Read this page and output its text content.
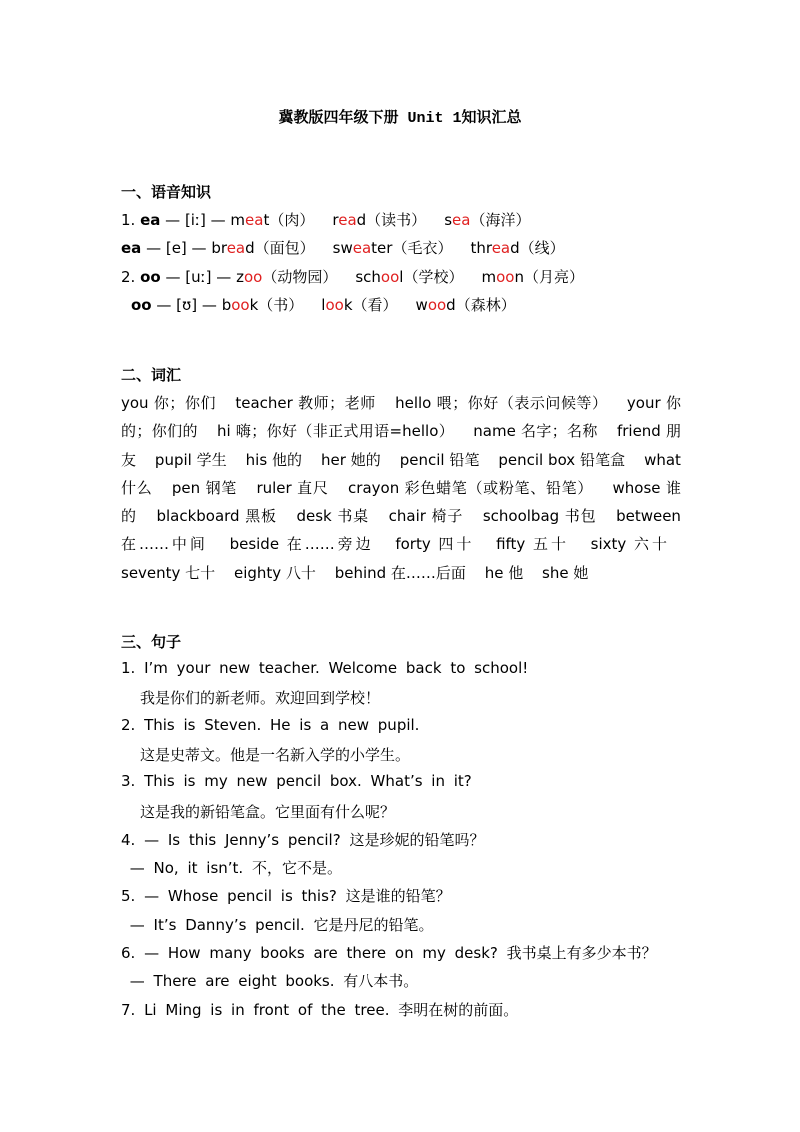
冀教版四年级下册 Unit 1知识汇总
一、语音知识
1. ea — [iː] — meat（肉） read（读书） sea（海洋）
ea — [e] — bread（面包） sweater（毛衣） thread（线）
2. oo — [uː] — zoo（动物园） school（学校） moon（月亮）
oo — [ʊ] — book（书） look（看） wood（森林）
二、词汇
you 你；你们 teacher 教师；老师 hello 喂；你好（表示问候等） your 你的；你们的 hi 嗨；你好（非正式用语=hello） name 名字；名称 friend 朋友 pupil 学生 his 他的 her 她的 pencil 铅笔 pencil box 铅笔盒 what 什么 pen 钢笔 ruler 直尺 crayon 彩色蜡笔（或粉笔、铅笔） whose 谁的 blackboard 黑板 desk 书桌 chair 椅子 schoolbag 书包 between 在……中间 beside 在……旁边 forty 四十 fifty 五十 sixty 六十 seventy 七十 eighty 八十 behind 在……后面 he 他 she 她
三、句子
1. I’m your new teacher. Welcome back to school!
我是你们的新老师。欢迎回到学校！
2. This is Steven. He is a new pupil.
这是史蒂文。他是一名新入学的小学生。
3. This is my new pencil box. What’s in it?
这是我的新铅笔盒。它里面有什么呢？
4. — Is this Jenny’s pencil? 这是珍妮的铅笔吗？
— No, it isn’t. 不，它不是。
5. — Whose pencil is this? 这是谁的铅笔？
— It’s Danny’s pencil. 它是丹尼的铅笔。
6. — How many books are there on my desk? 我书桌上有多少本书？
— There are eight books. 有八本书。
7. Li Ming is in front of the tree. 李明在树的前面。
